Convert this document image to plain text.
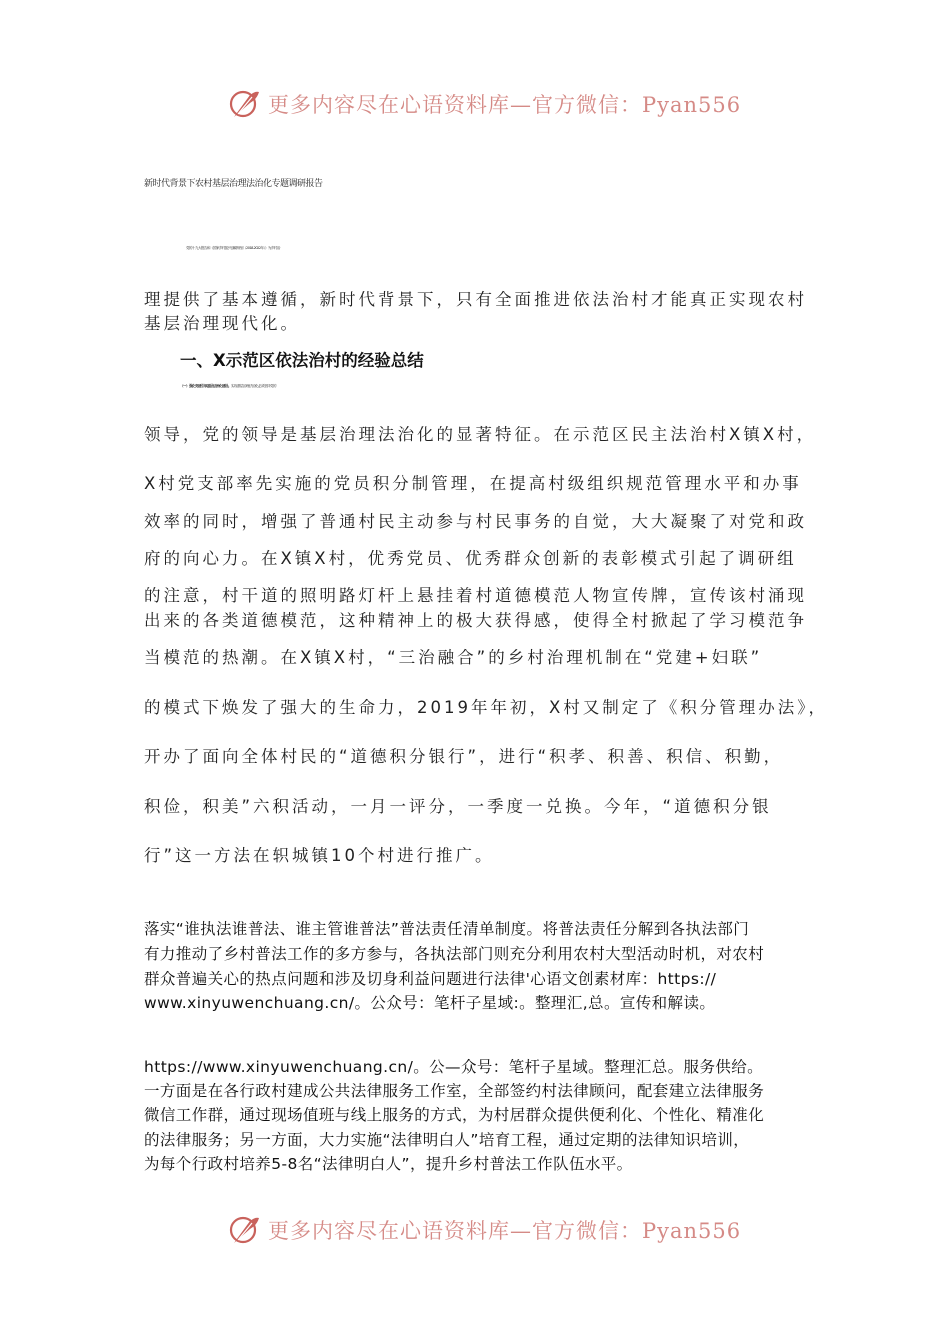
更多内容尽在心语资料库—官方微信：Pyan556
新时代背景下农村基层治理法治化专题调研报告
党的十九大报告和《国家乡村振兴战略规划（2018-2022年）》为乡村治
理提供了基本遵循，新时代背景下，只有全面推进依法治村才能真正实现农村
基层治理现代化。
一、X示范区依法治村的经验总结
（一）强化党建引领基层法治化建设。实现基层治理法治化必须坚持党的
领导，党的领导是基层治理法治化的显著特征。在示范区民主法治村X镇X村，
X村党支部率先实施的党员积分制管理，在提高村级组织规范管理水平和办事
效率的同时，增强了普通村民主动参与村民事务的自觉，大大凝聚了对党和政
府的向心力。在X镇X村，优秀党员、优秀群众创新的表彰模式引起了调研组
的注意，村干道的照明路灯杆上悬挂着村道德模范人物宣传牌，宣传该村涌现
出来的各类道德模范，这种精神上的极大获得感，使得全村掀起了学习模范争
当模范的热潮。在X镇X村，“三治融合”的乡村治理机制在“党建+妇联”
的模式下焕发了强大的生命力，2019年年初，X村又制定了《积分管理办法》，
开办了面向全体村民的“道德积分银行”，进行“积孝、积善、积信、积勤，
积俭，积美”六积活动，一月一评分，一季度一兑换。今年，“道德积分银
行”这一方法在轵城镇10个村进行推广。
落实“谁执法谁普法、谁主管谁普法”普法责任清单制度。将普法责任分解到各执法部门
有力推动了乡村普法工作的多方参与，各执法部门则充分利用农村大型活动时机，对农村
群众普遍关心的热点问题和涉及切身利益问题进行法律'心语文创素材库：https://
www.xinyuwenchuang.cn/。公众号：笔杆子星域:。整理汇,总。宣传和解读。
https://www.xinyuwenchuang.cn/。公—众号：笔杆子星域。整理汇总。服务供给。
一方面是在各行政村建成公共法律服务工作室，全部签约村法律顾问，配套建立法律服务
微信工作群，通过现场值班与线上服务的方式，为村居群众提供便利化、个性化、精准化
的法律服务；另一方面，大力实施“法律明白人”培育工程，通过定期的法律知识培训，
为每个行政村培养5-8名“法律明白人”，提升乡村普法工作队伍水平。
更多内容尽在心语资料库—官方微信：Pyan556
